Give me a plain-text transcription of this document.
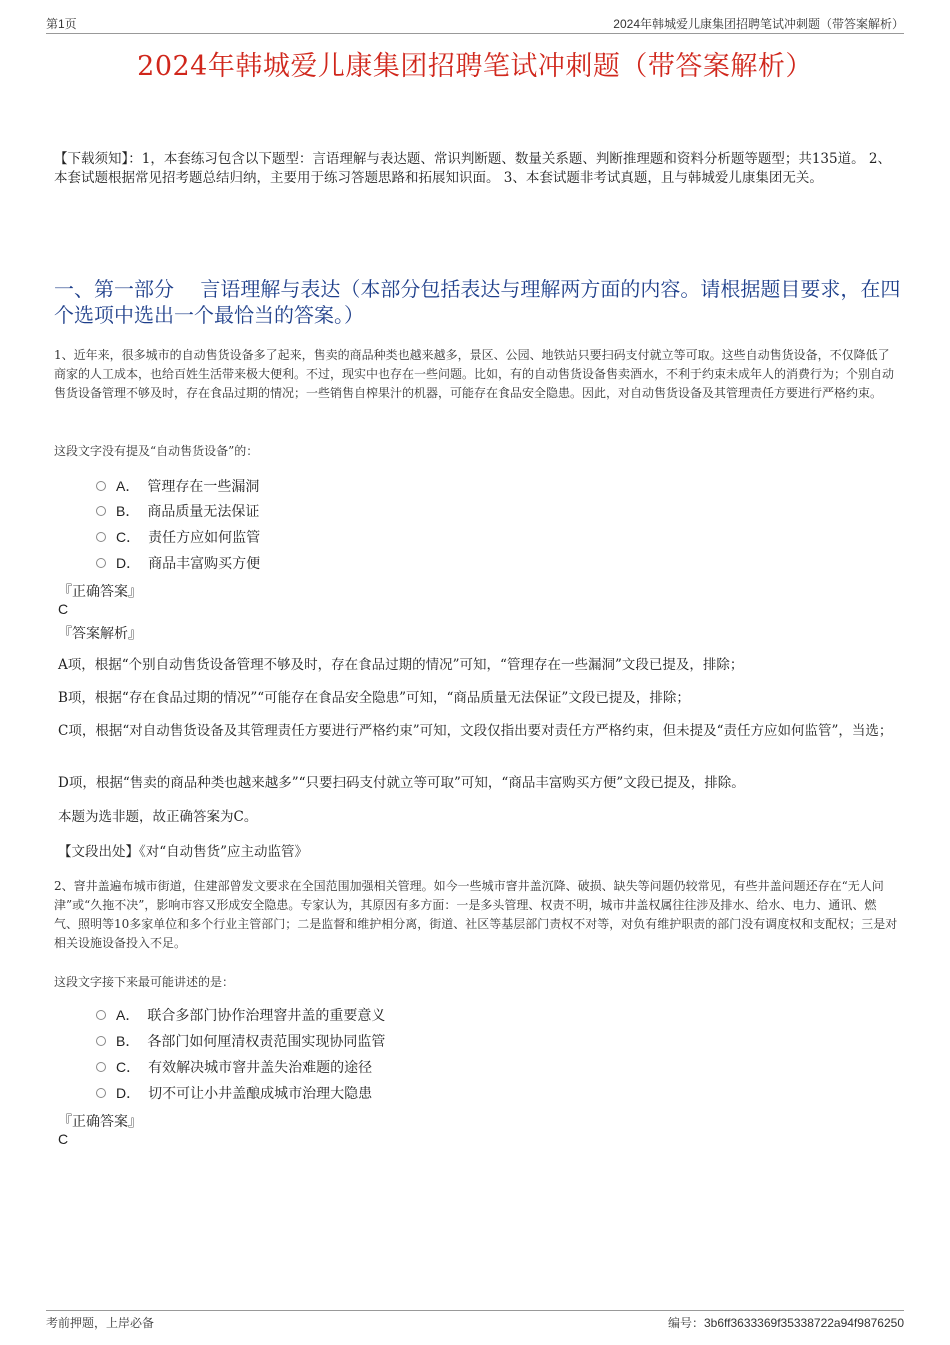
第1页	2024年韩城爱儿康集团招聘笔试冲刺题（带答案解析）
2024年韩城爱儿康集团招聘笔试冲刺题（带答案解析）
【下载须知】：1，本套练习包含以下题型：言语理解与表达题、常识判断题、数量关系题、判断推理题和资料分析题等题型；共135道。 2、本套试题根据常见招考题总结归纳，主要用于练习答题思路和拓展知识面。 3、本套试题非考试真题，且与韩城爱儿康集团无关。
一、第一部分　 言语理解与表达（本部分包括表达与理解两方面的内容。请根据题目要求，在四个选项中选出一个最恰当的答案。）
1、近年来，很多城市的自动售货设备多了起来，售卖的商品种类也越来越多，景区、公园、地铁站只要扫码支付就立等可取。这些自动售货设备，不仅降低了商家的人工成本，也给百姓生活带来极大便利。不过，现实中也存在一些问题。比如，有的自动售货设备售卖酒水，不利于约束未成年人的消费行为；个别自动售货设备管理不够及时，存在食品过期的情况；一些销售自榨果汁的机器，可能存在食品安全隐患。因此，对自动售货设备及其管理责任方要进行严格约束。
这段文字没有提及“自动售货设备”的：
A． 管理存在一些漏洞
B． 商品质量无法保证
C． 责任方应如何监管
D． 商品丰富购买方便
『正确答案』
C
『答案解析』
A项，根据“个别自动售货设备管理不够及时，存在食品过期的情况”可知，“管理存在一些漏洞”文段已提及，排除；
B项，根据“存在食品过期的情况”“可能存在食品安全隐患”可知，“商品质量无法保证”文段已提及，排除；
C项，根据“对自动售货设备及其管理责任方要进行严格约束”可知，文段仅指出要对责任方严格约束，但未提及“责任方应如何监管”，当选；
D项，根据“售卖的商品种类也越来越多”“只要扫码支付就立等可取”可知，“商品丰富购买方便”文段已提及，排除。
本题为选非题，故正确答案为C。
【文段出处】《对“自动售货”应主动监管》
2、窨井盖遍布城市街道，住建部曾发文要求在全国范围加强相关管理。如今一些城市窨井盖沉降、破损、缺失等问题仍较常见，有些井盖问题还存在“无人问津”或“久拖不决”，影响市容又形成安全隐患。专家认为，其原因有多方面：一是多头管理、权责不明，城市井盖权属往往涉及排水、给水、电力、通讯、燃气、照明等10多家单位和多个行业主管部门；二是监督和维护相分离，街道、社区等基层部门责权不对等，对负有维护职责的部门没有调度权和支配权；三是对相关设施设备投入不足。
这段文字接下来最可能讲述的是：
A． 联合多部门协作治理窨井盖的重要意义
B． 各部门如何厘清权责范围实现协同监管
C． 有效解决城市窨井盖失治难题的途径
D． 切不可让小井盖酿成城市治理大隐患
『正确答案』
C
考前押题，上岸必备	编号：3b6ff3633369f35338722a94f9876250
